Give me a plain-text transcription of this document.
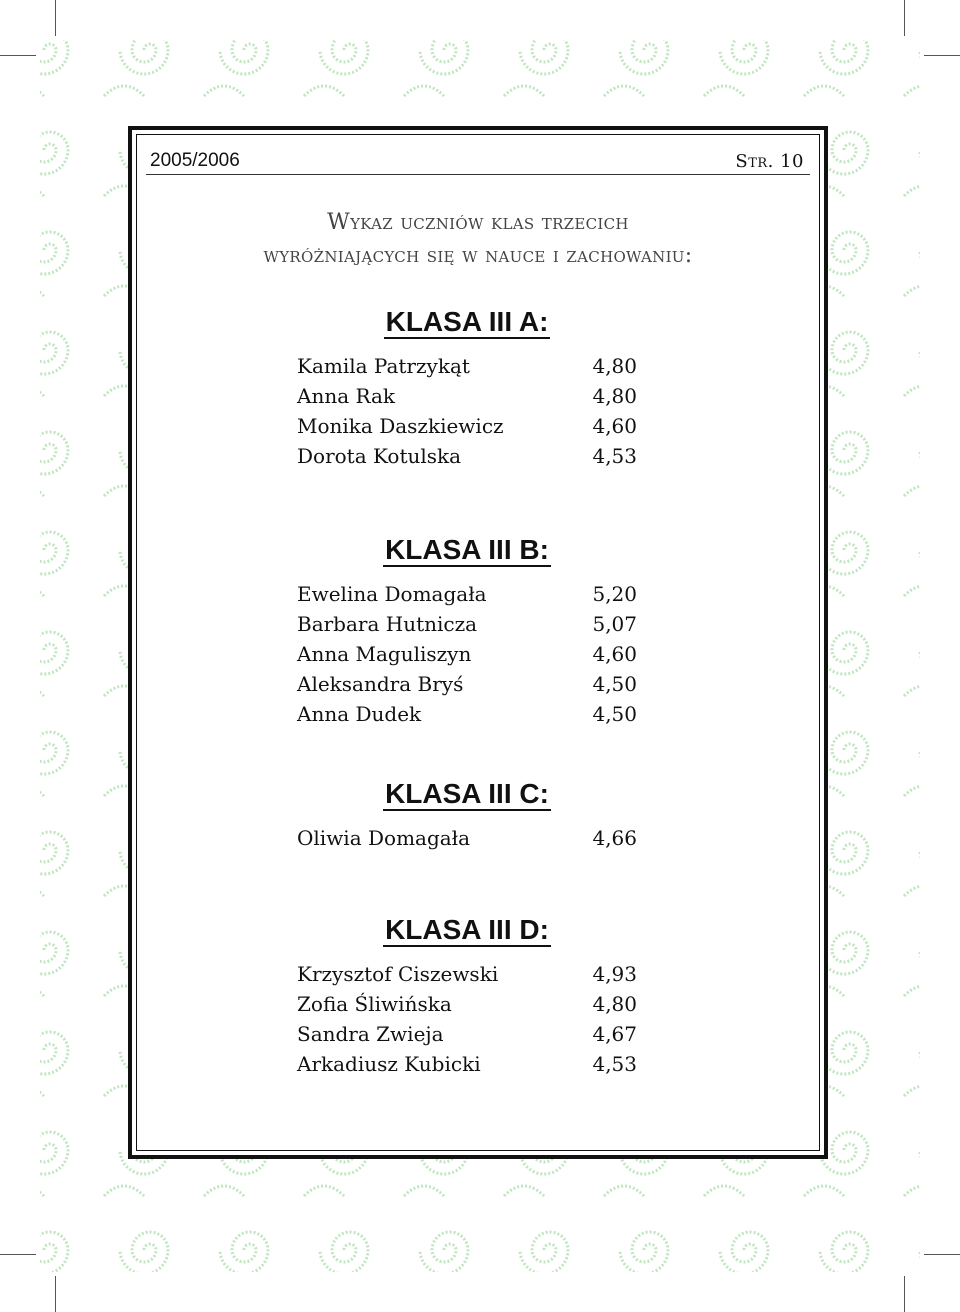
2005/2006	Str. 10
Wykaz uczniów klas trzecich
wyróżniających się w nauce i zachowaniu:
KLASA III A:
Kamila Patrzykąt	4,80
Anna Rak	4,80
Monika Daszkiewicz	4,60
Dorota Kotulska	4,53
KLASA III B:
Ewelina Domagała	5,20
Barbara Hutnicza	5,07
Anna Maguliszyn	4,60
Aleksandra Bryś	4,50
Anna Dudek	4,50
KLASA III C:
Oliwia Domagała	4,66
KLASA III D:
Krzysztof Ciszewski	4,93
Zofia Śliwińska	4,80
Sandra Zwieja	4,67
Arkadiusz Kubicki	4,53
